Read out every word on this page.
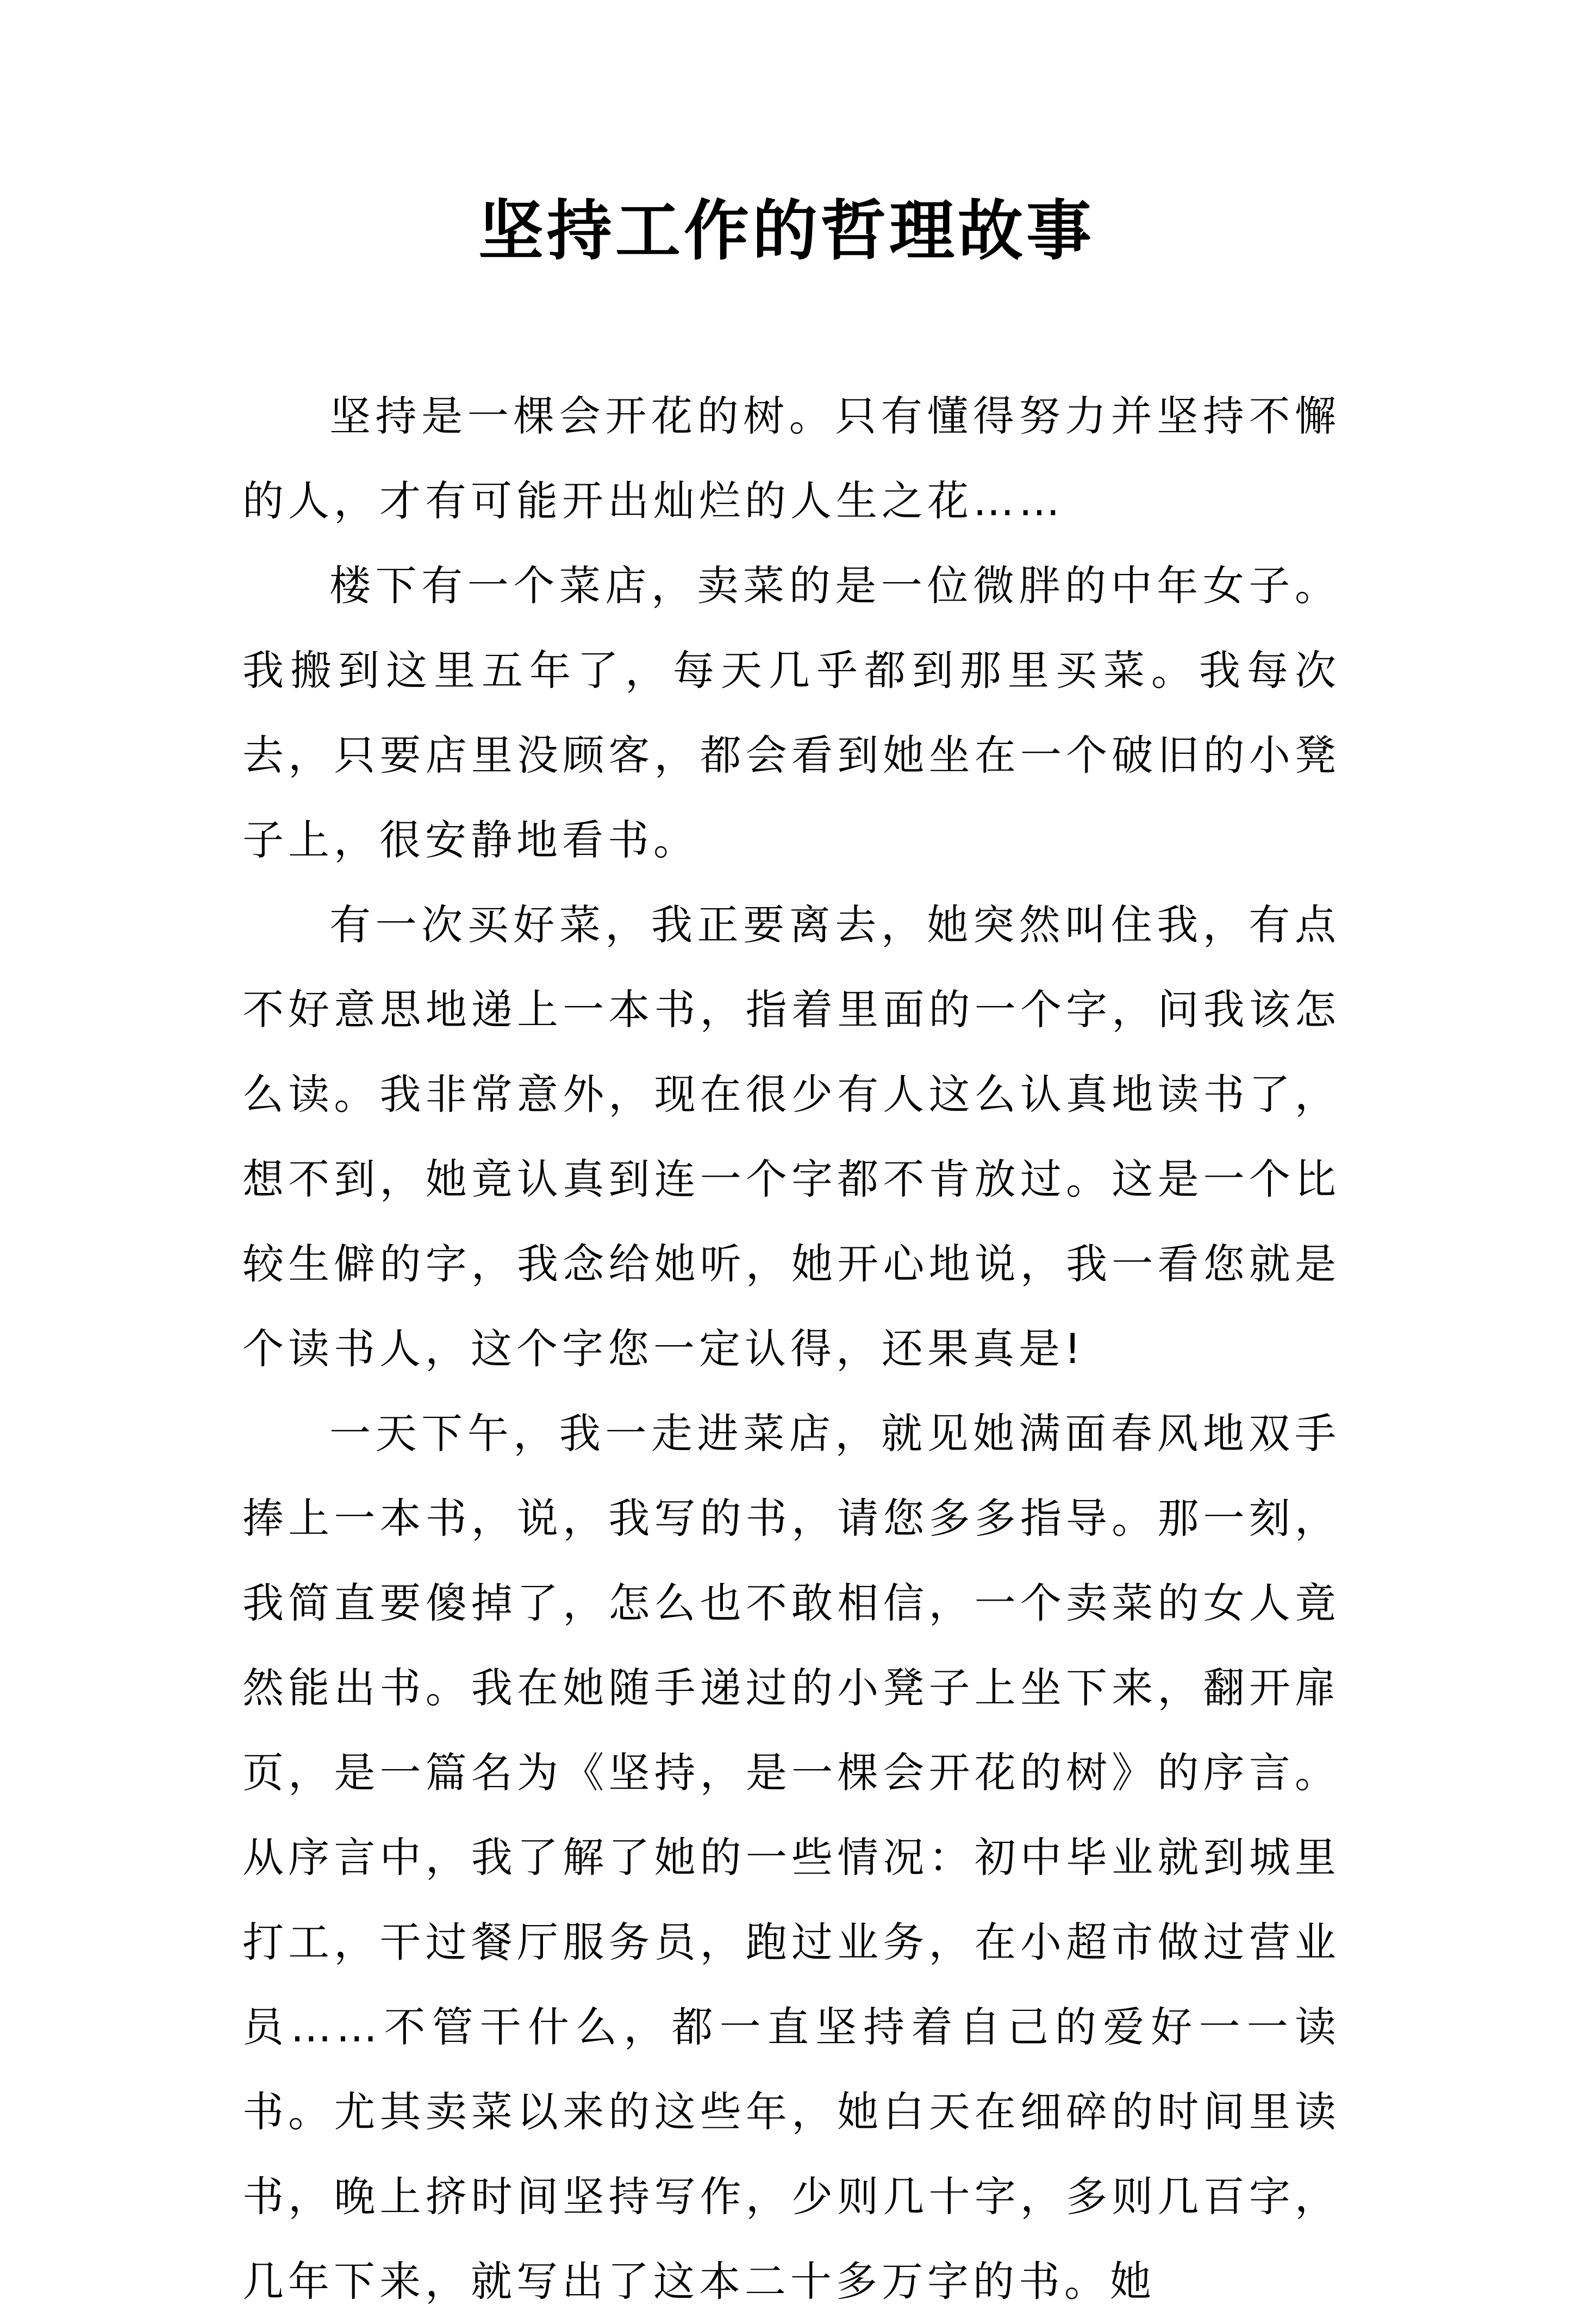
坚持工作的哲理故事

坚持是一棵会开花的树。只有懂得努力并坚持不懈的人，才有可能开出灿烂的人生之花……

楼下有一个菜店，卖菜的是一位微胖的中年女子。我搬到这里五年了，每天几乎都到那里买菜。我每次去，只要店里没顾客，都会看到她坐在一个破旧的小凳子上，很安静地看书。

有一次买好菜，我正要离去，她突然叫住我，有点不好意思地递上一本书，指着里面的一个字，问我该怎么读。我非常意外，现在很少有人这么认真地读书了，想不到，她竟认真到连一个字都不肯放过。这是一个比较生僻的字，我念给她听，她开心地说，我一看您就是个读书人，这个字您一定认得，还果真是!

一天下午，我一走进菜店，就见她满面春风地双手捧上一本书，说，我写的书，请您多多指导。那一刻，我简直要傻掉了，怎么也不敢相信，一个卖菜的女人竟然能出书。我在她随手递过的小凳子上坐下来，翻开扉页，是一篇名为《坚持，是一棵会开花的树》的序言。从序言中，我了解了她的一些情况：初中毕业就到城里打工，干过餐厅服务员，跑过业务，在小超市做过营业员……不管干什么，都一直坚持着自己的爱好一一读书。尤其卖菜以来的这些年，她白天在细碎的时间里读书，晚上挤时间坚持写作，少则几十字，多则几百字，几年下来，就写出了这本二十多万字的书。她
